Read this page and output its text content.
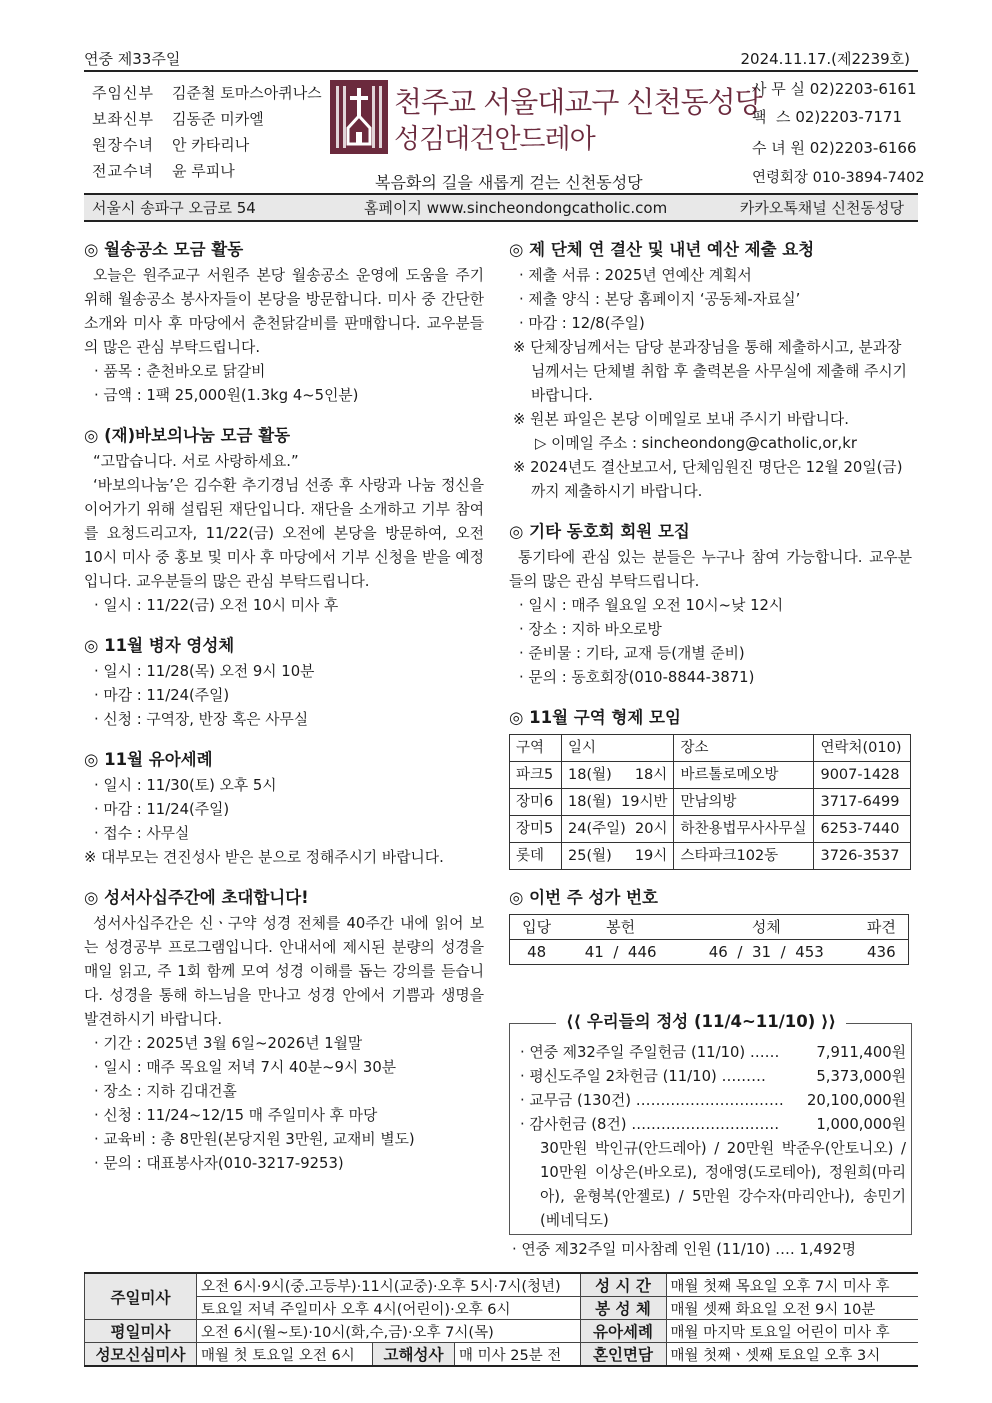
연중 제33주일	2024.11.17.(제2239호)
주임신부 김준철 토마스아퀴나스
보좌신부 김동준 미카엘
원장수녀 안 카타리나
전교수녀 윤 루피나
천주교 서울대교구 신천동성당
성김대건안드레아
복음화의 길을 새롭게 걷는 신천동성당
사 무 실 02)2203-6161
팩  스 02)2203-7171
수 녀 원 02)2203-6166
연령회장 010-3894-7402
서울시 송파구 오금로 54	홈페이지 www.sincheondongcatholic.com	카카오톡채널 신천동성당
◎ 월송공소 모금 활동
오늘은 원주교구 서원주 본당 월송공소 운영에 도움을 주기 위해 월송공소 봉사자들이 본당을 방문합니다. 미사 중 간단한 소개와 미사 후 마당에서 춘천닭갈비를 판매합니다. 교우분들의 많은 관심 부탁드립니다.
· 품목 : 춘천바오로 닭갈비
· 금액 : 1팩 25,000원(1.3kg 4~5인분)
◎ (재)바보의나눔 모금 활동
“고맙습니다. 서로 사랑하세요.”
‘바보의나눔’은 김수환 추기경님 선종 후 사랑과 나눔 정신을 이어가기 위해 설립된 재단입니다. 재단을 소개하고 기부 참여를 요청드리고자, 11/22(금) 오전에 본당을 방문하여, 오전 10시 미사 중 홍보 및 미사 후 마당에서 기부 신청을 받을 예정입니다. 교우분들의 많은 관심 부탁드립니다.
· 일시 : 11/22(금) 오전 10시 미사 후
◎ 11월 병자 영성체
· 일시 : 11/28(목) 오전 9시 10분
· 마감 : 11/24(주일)
· 신청 : 구역장, 반장 혹은 사무실
◎ 11월 유아세례
· 일시 : 11/30(토) 오후 5시
· 마감 : 11/24(주일)
· 접수 : 사무실
※ 대부모는 견진성사 받은 분으로 정해주시기 바랍니다.
◎ 성서사십주간에 초대합니다!
성서사십주간은 신ㆍ구약 성경 전체를 40주간 내에 읽어 보는 성경공부 프로그램입니다. 안내서에 제시된 분량의 성경을 매일 읽고, 주 1회 함께 모여 성경 이해를 돕는 강의를 듣습니다. 성경을 통해 하느님을 만나고 성경 안에서 기쁨과 생명을 발견하시기 바랍니다.
· 기간 : 2025년 3월 6일~2026년 1월말
· 일시 : 매주 목요일 저녁 7시 40분~9시 30분
· 장소 : 지하 김대건홀
· 신청 : 11/24~12/15 매 주일미사 후 마당
· 교육비 : 총 8만원(본당지원 3만원, 교재비 별도)
· 문의 : 대표봉사자(010-3217-9253)
◎ 제 단체 연 결산 및 내년 예산 제출 요청
· 제출 서류 : 2025년 연예산 계획서
· 제출 양식 : 본당 홈페이지 ‘공동체-자료실’
· 마감 : 12/8(주일)
※ 단체장님께서는 담당 분과장님을 통해 제출하시고, 분과장님께서는 단체별 취합 후 출력본을 사무실에 제출해 주시기 바랍니다.
※ 원본 파일은 본당 이메일로 보내 주시기 바랍니다.
▷ 이메일 주소 : sincheondong@catholic,or,kr
※ 2024년도 결산보고서, 단체임원진 명단은 12월 20일(금)까지 제출하시기 바랍니다.
◎ 기타 동호회 회원 모집
통기타에 관심 있는 분들은 누구나 참여 가능합니다. 교우분들의 많은 관심 부탁드립니다.
· 일시 : 매주 월요일 오전 10시~낮 12시
· 장소 : 지하 바오로방
· 준비물 : 기타, 교재 등(개별 준비)
· 문의 : 동호회장(010-8844-3871)
◎ 11월 구역 형제 모임
구역	일시	장소	연락처(010)
파크5	18(월)     18시	바르톨로메오방	9007-1428
장미6	18(월)  19시반	만남의방	3717-6499
장미5	24(주일)  20시	하찬용법무사사무실	6253-7440
롯데	25(월)     19시	스타파크102동	3726-3537
◎ 이번 주 성가 번호
입당	봉헌	성체	파견
48	41  /  446	46  /  31  /  453	436
⟨⟨ 우리들의 정성 (11/4~11/10) ⟩⟩
· 연중 제32주일 주일헌금 (11/10) …… 7,911,400원
· 평신도주일 2차헌금 (11/10) ………	5,373,000원
· 교무금 (130건) ………………………… 20,100,000원
· 감사헌금 (8건) …………………………	1,000,000원
30만원 박인규(안드레아) / 20만원 박준우(안토니오) / 10만원 이상은(바오로), 정애영(도로테아), 정원희(마리아), 윤형복(안젤로) / 5만원 강수자(마리안나), 송민기(베네딕도)
· 연중 제32주일 미사참례 인원 (11/10) …. 1,492명
주일미사	오전 6시·9시(중.고등부)·11시(교중)·오후 5시·7시(청년)			성 시 간	매월 첫째 목요일 오후 7시 미사 후
	토요일 저녁 주일미사 오후 4시(어린이)·오후 6시			봉 성 체	매월 셋째 화요일 오전 9시 10분
평일미사	오전 6시(월~토)·10시(화,수,금)·오후 7시(목)			유아세례	매월 마지막 토요일 어린이 미사 후
성모신심미사	매월 첫 토요일 오전 6시	고해성사	매 미사 25분 전	혼인면담	매월 첫째ㆍ셋째 토요일 오후 3시
